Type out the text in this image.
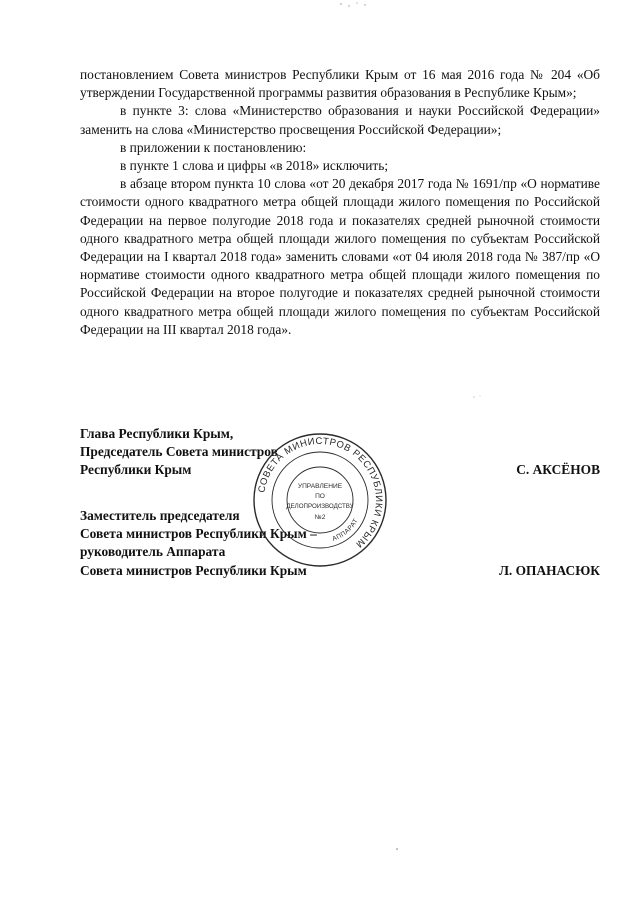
постановлением Совета министров Республики Крым от 16 мая 2016 года № 204 «Об утверждении Государственной программы развития образования в Республике Крым»;

в пункте 3: слова «Министерство образования и науки Российской Федерации» заменить на слова «Министерство просвещения Российской Федерации»;

в приложении к постановлению:

в пункте 1 слова и цифры «в 2018» исключить;

в абзаце втором пункта 10 слова «от 20 декабря 2017 года № 1691/пр «О нормативе стоимости одного квадратного метра общей площади жилого помещения по Российской Федерации на первое полугодие 2018 года и показателях средней рыночной стоимости одного квадратного метра общей площади жилого помещения по субъектам Российской Федерации на I квартал 2018 года» заменить словами «от 04 июля 2018 года № 387/пр «О нормативе стоимости одного квадратного метра общей площади жилого помещения по Российской Федерации на второе полугодие и показателях средней рыночной стоимости одного квадратного метра общей площади жилого помещения по субъектам Российской Федерации на III квартал 2018 года».

Глава Республики Крым,
Председатель Совета министров
Республики Крым	С. АКСЁНОВ
Заместитель председателя
Совета министров Республики Крым –
руководитель Аппарата
Совета министров Республики Крым	Л. ОПАНАСЮК
СОВЕТА МИНИСТРОВ РЕСПУБЛИКИ КРЫМ
АППАРАТ
УПРАВЛЕНИЕ
ПО
ДЕЛОПРОИЗВОДСТВУ
№2
